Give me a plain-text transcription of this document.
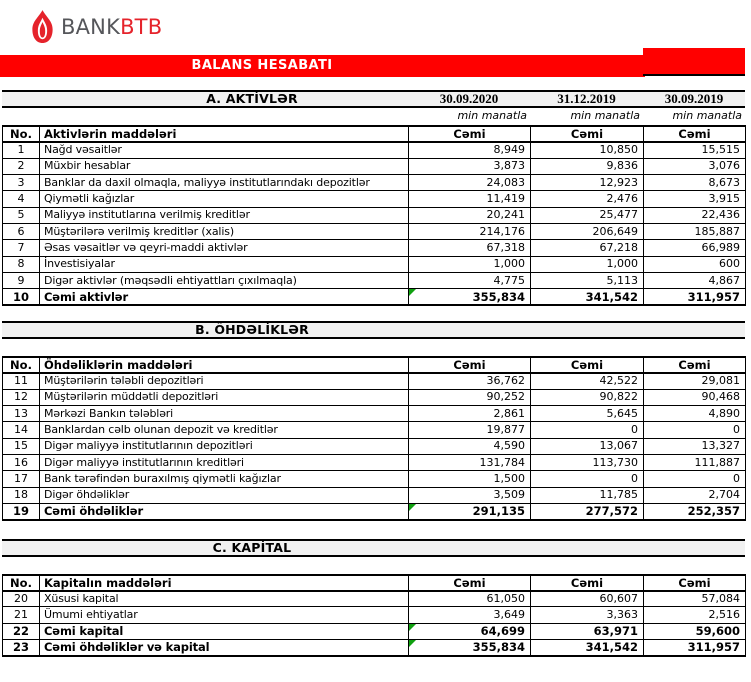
BANKBTB
BALANS HESABATI
A. AKTİVLƏR	30.09.2020	31.12.2019	30.09.2019
min manatla	min manatla	min manatla
No.	Aktivlərin maddələri	Cəmi	Cəmi	Cəmi
1	Nağd vəsaitlər	8,949	10,850	15,515
2	Müxbir hesablar	3,873	9,836	3,076
3	Banklar da daxil olmaqla, maliyyə institutlarındakı depozitlər	24,083	12,923	8,673
4	Qiymətli kağızlar	11,419	2,476	3,915
5	Maliyyə institutlarına verilmiş kreditlər	20,241	25,477	22,436
6	Müştərilərə verilmiş kreditlər (xalis)	214,176	206,649	185,887
7	Əsas vəsaitlər və qeyri-maddi aktivlər	67,318	67,218	66,989
8	İnvestisiyalar	1,000	1,000	600
9	Digər aktivlər (məqsədli ehtiyattları çıxılmaqla)	4,775	5,113	4,867
10	Cəmi aktivlər	355,834	341,542	311,957
B. ÖHDƏLİKLƏR
No.	Öhdəliklərin maddələri	Cəmi	Cəmi	Cəmi
11	Müştərilərin tələbli depozitləri	36,762	42,522	29,081
12	Müştərilərin müddətli depozitləri	90,252	90,822	90,468
13	Mərkəzi Bankın tələbləri	2,861	5,645	4,890
14	Banklardan cəlb olunan depozit və kreditlər	19,877	0	0
15	Digər maliyyə institutlarının depozitləri	4,590	13,067	13,327
16	Digər maliyyə institutlarının kreditləri	131,784	113,730	111,887
17	Bank tərəfindən buraxılmış qiymətli kağızlar	1,500	0	0
18	Digər öhdəliklər	3,509	11,785	2,704
19	Cəmi öhdəliklər	291,135	277,572	252,357
C. KAPİTAL
No.	Kapitalın maddələri	Cəmi	Cəmi	Cəmi
20	Xüsusi kapital	61,050	60,607	57,084
21	Ümumi ehtiyatlar	3,649	3,363	2,516
22	Cəmi kapital	64,699	63,971	59,600
23	Cəmi öhdəliklər və kapital	355,834	341,542	311,957
